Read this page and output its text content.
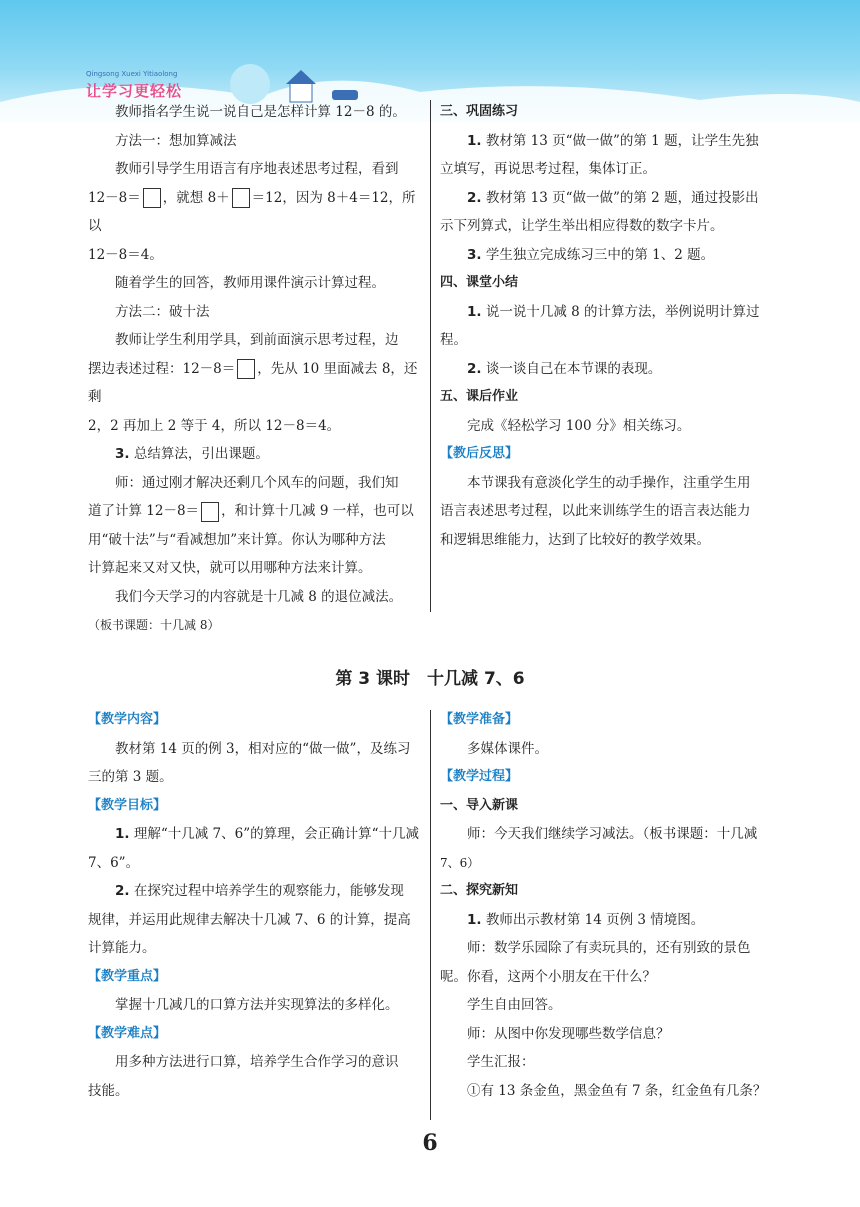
Qingsong Xuexi Yitiaolong
让学习更轻松

教师指名学生说一说自己是怎样计算 12－8 的。

方法一：想加算减法

教师引导学生用语言有序地表述思考过程，看到

12－8＝ ，就想 8＋ ＝12，因为 8＋4＝12，所以

12－8＝4。

随着学生的回答，教师用课件演示计算过程。

方法二：破十法

教师让学生利用学具，到前面演示思考过程，边

摆边表述过程：12－8＝ ，先从 10 里面减去 8，还剩

2，2 再加上 2 等于 4，所以 12－8＝4。

3. 总结算法，引出课题。

师：通过刚才解决还剩几个风车的问题，我们知

道了计算 12－8＝ ，和计算十几减 9 一样，也可以

用“破十法”与“看减想加”来计算。你认为哪种方法

计算起来又对又快，就可以用哪种方法来计算。

我们今天学习的内容就是十几减 8 的退位减法。

（板书课题：十几减 8）

三、巩固练习

1. 教材第 13 页“做一做”的第 1 题，让学生先独

立填写，再说思考过程，集体订正。

2. 教材第 13 页“做一做”的第 2 题，通过投影出

示下列算式，让学生举出相应得数的数字卡片。

3. 学生独立完成练习三中的第 1、2 题。

四、课堂小结

1. 说一说十几减 8 的计算方法，举例说明计算过

程。

2. 谈一谈自己在本节课的表现。

五、课后作业

完成《轻松学习 100 分》相关练习。

【教后反思】

本节课我有意淡化学生的动手操作，注重学生用

语言表述思考过程，以此来训练学生的语言表达能力

和逻辑思维能力，达到了比较好的教学效果。

第 3 课时　十几减 7、6

【教学内容】

教材第 14 页的例 3，相对应的“做一做”，及练习

三的第 3 题。

【教学目标】

1. 理解“十几减 7、6”的算理，会正确计算“十几减

7、6”。

2. 在探究过程中培养学生的观察能力，能够发现

规律，并运用此规律去解决十几减 7、6 的计算，提高

计算能力。

【教学重点】

掌握十几减几的口算方法并实现算法的多样化。

【教学难点】

用多种方法进行口算，培养学生合作学习的意识

技能。

【教学准备】

多媒体课件。

【教学过程】

一、导入新课

师：今天我们继续学习减法。（板书课题：十几减

7、6）

二、探究新知

1. 教师出示教材第 14 页例 3 情境图。

师：数学乐园除了有卖玩具的，还有别致的景色

呢。你看，这两个小朋友在干什么？

学生自由回答。

师：从图中你发现哪些数学信息？

学生汇报：

①有 13 条金鱼，黑金鱼有 7 条，红金鱼有几条？

6
